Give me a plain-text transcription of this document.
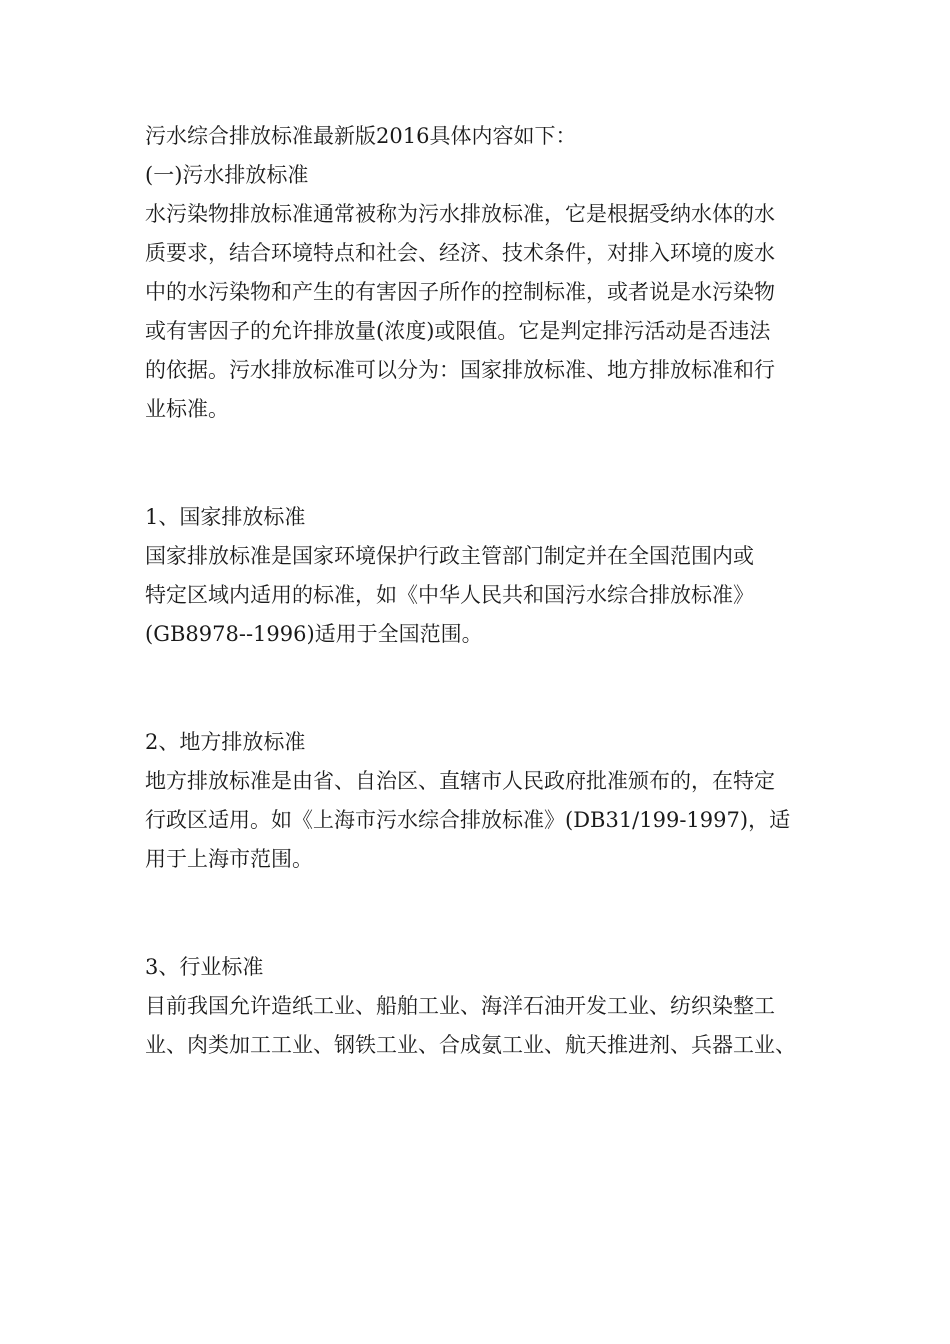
污水综合排放标准最新版2016具体内容如下：

(一)污水排放标准

水污染物排放标准通常被称为污水排放标准，它是根据受纳水体的水
质要求，结合环境特点和社会、经济、技术条件，对排入环境的废水
中的水污染物和产生的有害因子所作的控制标准，或者说是水污染物
或有害因子的允许排放量(浓度)或限值。它是判定排污活动是否违法
的依据。污水排放标准可以分为：国家排放标准、地方排放标准和行
业标准。

1、国家排放标准

国家排放标准是国家环境保护行政主管部门制定并在全国范围内或
特定区域内适用的标准，如《中华人民共和国污水综合排放标准》
(GB8978--1996)适用于全国范围。

2、地方排放标准

地方排放标准是由省、自治区、直辖市人民政府批准颁布的，在特定
行政区适用。如《上海市污水综合排放标准》(DB31/199-1997)，适
用于上海市范围。

3、行业标准

目前我国允许造纸工业、船舶工业、海洋石油开发工业、纺织染整工
业、肉类加工工业、钢铁工业、合成氨工业、航天推进剂、兵器工业、
